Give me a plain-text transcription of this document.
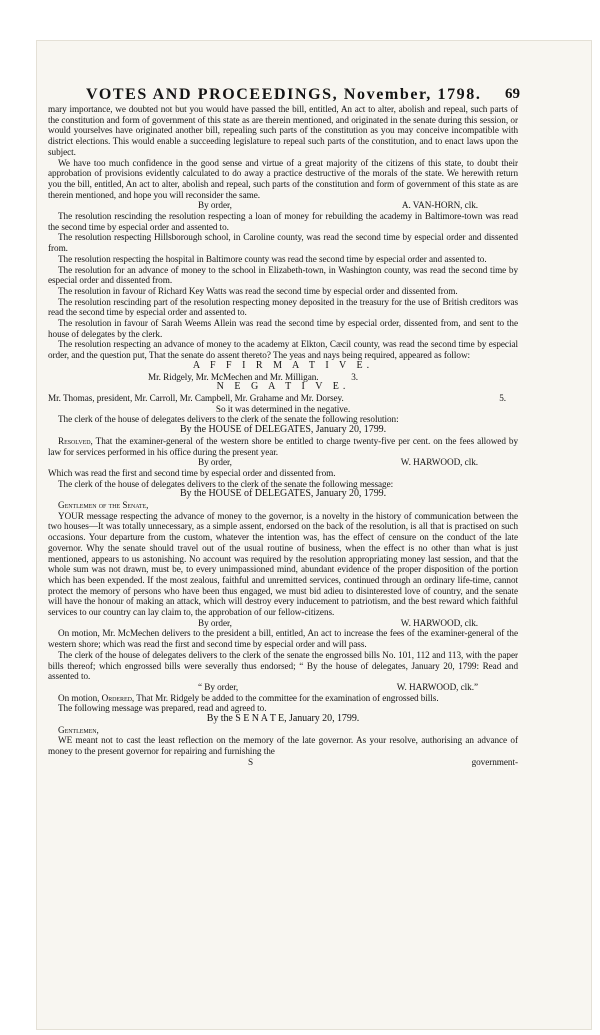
VOTES AND PROCEEDINGS, November, 1798. 69

mary importance, we doubted not but you would have passed the bill, entitled, An act to alter, abolish and repeal, such parts of the constitution and form of government of this state as are therein mentioned, and originated in the senate during this session, or would yourselves have originated another bill, repealing such parts of the constitution as you may conceive incompatible with district elections. This would enable a succeeding legislature to repeal such parts of the constitution, and to enact laws upon the subject.

We have too much confidence in the good sense and virtue of a great majority of the citizens of this state, to doubt their approbation of provisions evidently calculated to do away a practice destructive of the morals of the state. We herewith return you the bill, entitled, An act to alter, abolish and repeal, such parts of the constitution and form of government of this state as are therein mentioned, and hope you will reconsider the same.

By order,	A. VAN-HORN, clk.

The resolution rescinding the resolution respecting a loan of money for rebuilding the academy in Baltimore-town was read the second time by especial order and assented to.

The resolution respecting Hillsborough school, in Caroline county, was read the second time by especial order and dissented from.

The resolution respecting the hospital in Baltimore county was read the second time by especial order and assented to.

The resolution for an advance of money to the school in Elizabeth-town, in Washington county, was read the second time by especial order and dissented from.

The resolution in favour of Richard Key Watts was read the second time by especial order and dissented from.

The resolution rescinding part of the resolution respecting money deposited in the treasury for the use of British creditors was read the second time by especial order and assented to.

The resolution in favour of Sarah Weems Allein was read the second time by especial order, dissented from, and sent to the house of delegates by the clerk.

The resolution respecting an advance of money to the academy at Elkton, Cæcil county, was read the second time by especial order, and the question put, That the senate do assent thereto? The yeas and nays being required, appeared as follow:

A F F I R M A T I V E.

Mr. Ridgely, Mr. McMechen and Mr. Milligan.	3.

N E G A T I V E.

Mr. Thomas, president, Mr. Carroll, Mr. Campbell, Mr. Grahame and Mr. Dorsey.	5.

So it was determined in the negative.

The clerk of the house of delegates delivers to the clerk of the senate the following resolution:

By the HOUSE of DELEGATES, January 20, 1799.

Resolved, That the examiner-general of the western shore be entitled to charge twenty-five per cent. on the fees allowed by law for services performed in his office during the present year.

By order,	W. HARWOOD, clk.

Which was read the first and second time by especial order and dissented from.

The clerk of the house of delegates delivers to the clerk of the senate the following message:

By the HOUSE of DELEGATES, January 20, 1799.

Gentlemen of the Senate,

YOUR message respecting the advance of money to the governor, is a novelty in the history of communication between the two houses—It was totally unnecessary, as a simple assent, endorsed on the back of the resolution, is all that is practised on such occasions. Your departure from the custom, whatever the intention was, has the effect of censure on the conduct of the late governor. Why the senate should travel out of the usual routine of business, when the effect is no other than what is just mentioned, appears to us astonishing. No account was required by the resolution appropriating money last session, and that the whole sum was not drawn, must be, to every unimpassioned mind, abundant evidence of the proper disposition of the portion which has been expended. If the most zealous, faithful and unremitted services, continued through an ordinary life-time, cannot protect the memory of persons who have been thus engaged, we must bid adieu to disinterested love of country, and the senate will have the honour of making an attack, which will destroy every inducement to patriotism, and the best reward which faithful services to our country can lay claim to, the approbation of our fellow-citizens.

By order,	W. HARWOOD, clk.

On motion, Mr. McMechen delivers to the president a bill, entitled, An act to increase the fees of the examiner-general of the western shore; which was read the first and second time by especial order and will pass.

The clerk of the house of delegates delivers to the clerk of the senate the engrossed bills No. 101, 112 and 113, with the paper bills thereof; which engrossed bills were severally thus endorsed; “ By the house of delegates, January 20, 1799: Read and assented to.

“ By order,	W. HARWOOD, clk.”

On motion, Ordered, That Mr. Ridgely be added to the committee for the examination of engrossed bills.

The following message was prepared, read and agreed to.

By the S E N A T E, January 20, 1799.

Gentlemen,

WE meant not to cast the least reflection on the memory of the late governor. As your resolve, authorising an advance of money to the present governor for repairing and furnishing the

S	government-
